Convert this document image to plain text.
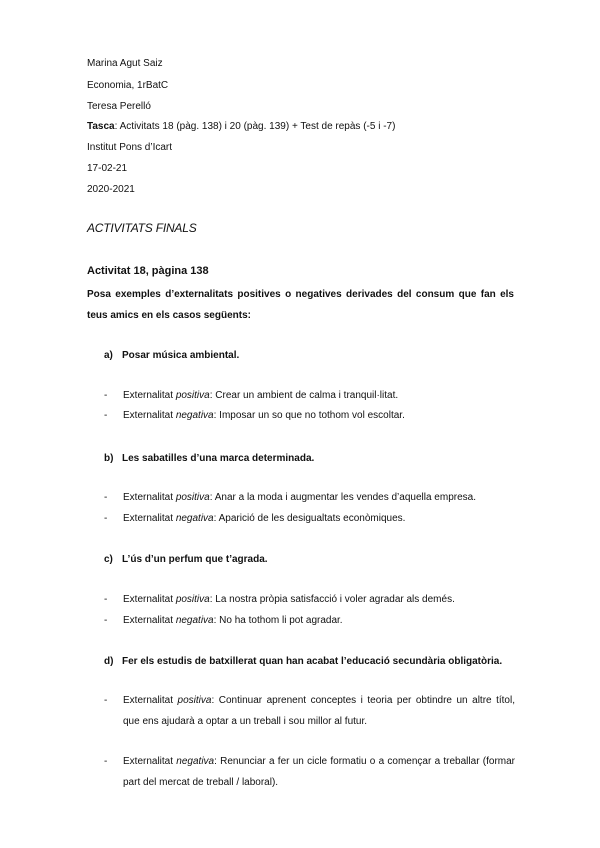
Marina Agut Saiz
Economia, 1rBatC
Teresa Perelló
Tasca: Activitats 18 (pàg. 138) i 20 (pàg. 139) + Test de repàs (-5 i -7)
Institut Pons d’Icart
17-02-21
2020-2021
ACTIVITATS FINALS
Activitat 18, pàgina 138
Posa exemples d’externalitats positives o negatives derivades del consum que fan els teus amics en els casos següents:
a) Posar música ambiental.
- Externalitat positiva: Crear un ambient de calma i tranquil·litat.
- Externalitat negativa: Imposar un so que no tothom vol escoltar.
b) Les sabatilles d’una marca determinada.
- Externalitat positiva: Anar a la moda i augmentar les vendes d’aquella empresa.
- Externalitat negativa: Aparició de les desigualtats econòmiques.
c) L’ús d’un perfum que t’agrada.
- Externalitat positiva: La nostra pròpia satisfacció i voler agradar als demés.
- Externalitat negativa: No ha tothom li pot agradar.
d) Fer els estudis de batxillerat quan han acabat l’educació secundària obligatòria.
- Externalitat positiva: Continuar aprenent conceptes i teoria per obtindre un altre títol, que ens ajudarà a optar a un treball i sou millor al futur.
- Externalitat negativa: Renunciar a fer un cicle formatiu o a començar a treballar (formar part del mercat de treball / laboral).
